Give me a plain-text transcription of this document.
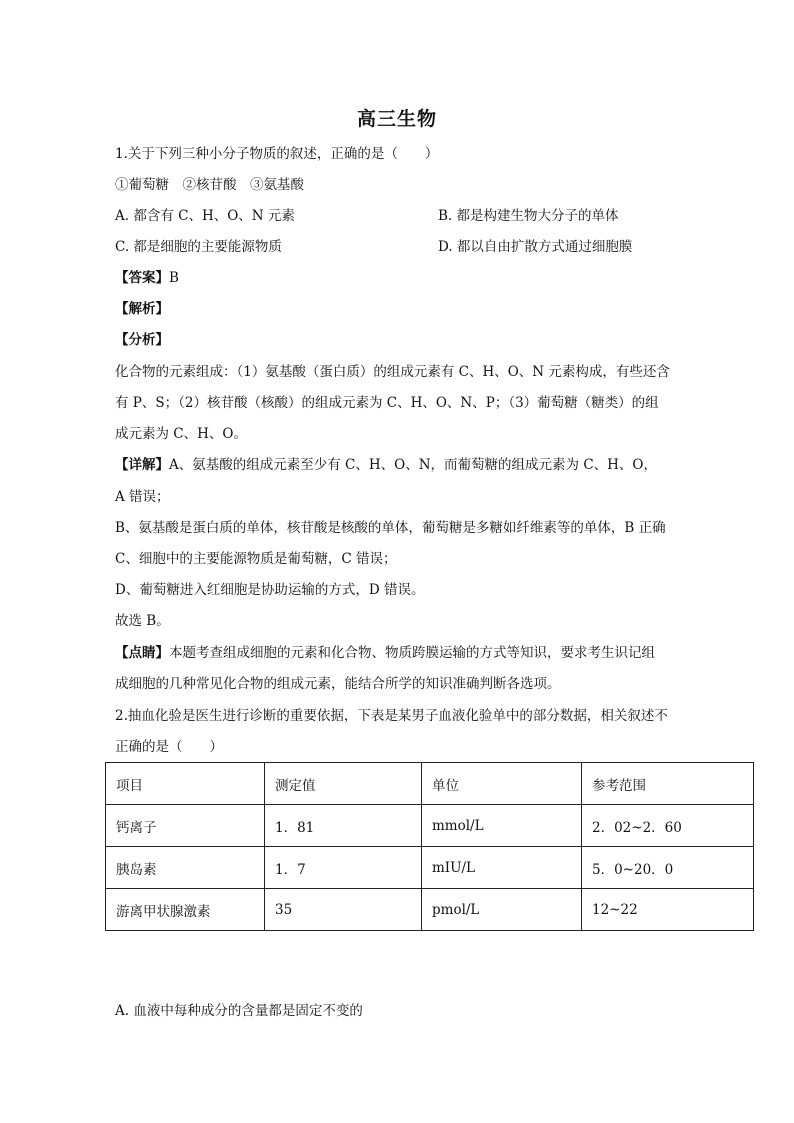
高三生物
1.关于下列三种小分子物质的叙述，正确的是（　　）
①葡萄糖　②核苷酸　③氨基酸
A. 都含有 C、H、O、N 元素	B. 都是构建生物大分子的单体
C. 都是细胞的主要能源物质	D. 都以自由扩散方式通过细胞膜
【答案】B
【解析】
【分析】
化合物的元素组成：（1）氨基酸（蛋白质）的组成元素有 C、H、O、N 元素构成，有些还含
有 P、S；（2）核苷酸（核酸）的组成元素为 C、H、O、N、P；（3）葡萄糖（糖类）的组
成元素为 C、H、O。
【详解】A、氨基酸的组成元素至少有 C、H、O、N，而葡萄糖的组成元素为 C、H、O，
A 错误；
B、氨基酸是蛋白质的单体，核苷酸是核酸的单体，葡萄糖是多糖如纤维素等的单体，B 正确
C、细胞中的主要能源物质是葡萄糖，C 错误；
D、葡萄糖进入红细胞是协助运输的方式，D 错误。
故选 B。
【点睛】本题考查组成细胞的元素和化合物、物质跨膜运输的方式等知识，要求考生识记组
成细胞的几种常见化合物的组成元素，能结合所学的知识准确判断各选项。
2.抽血化验是医生进行诊断的重要依据，下表是某男子血液化验单中的部分数据，相关叙述不
正确的是（　　）
项目	测定值	单位	参考范围
钙离子	1．81	mmol/L	2．02~2．60
胰岛素	1．7	mIU/L	5．0~20．0
游离甲状腺激素	35	pmol/L	12~22
A. 血液中每种成分的含量都是固定不变的
